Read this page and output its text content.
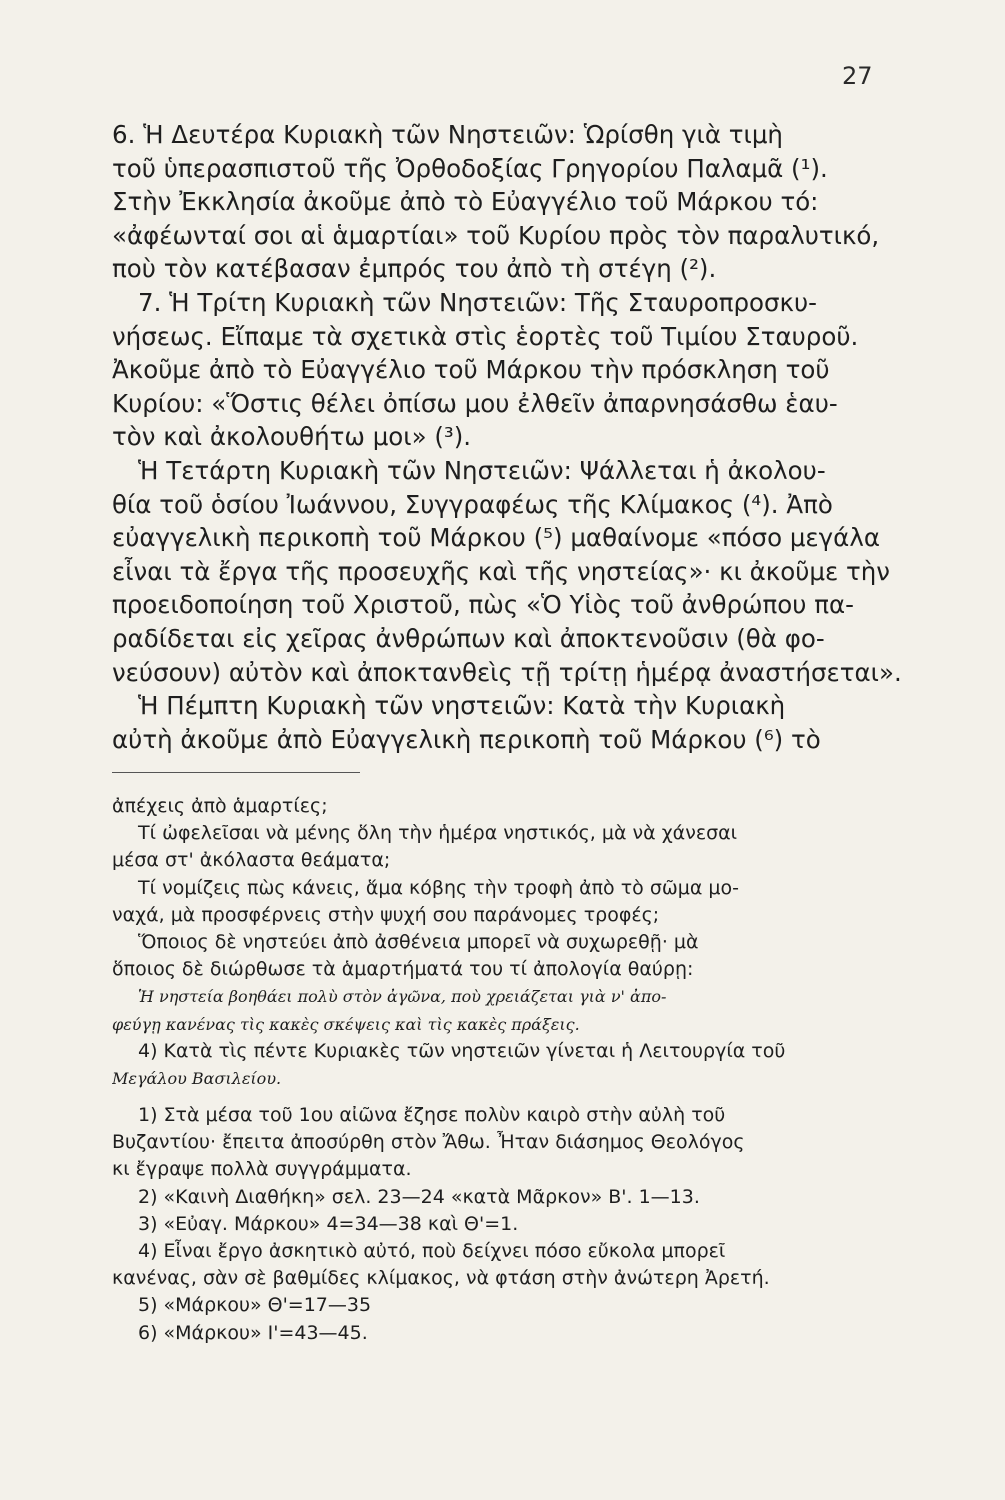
27
6. Ἡ Δευτέρα Κυριακὴ τῶν Νηστειῶν: Ὡρίσθη γιὰ τιμὴ
τοῦ ὑπερασπιστοῦ τῆς Ὀρθοδοξίας Γρηγορίου Παλαμᾶ (¹).
Στὴν Ἐκκλησία ἀκοῦμε ἀπὸ τὸ Εὐαγγέλιο τοῦ Μάρκου τό:
«ἀφέωνταί σοι αἱ ἁμαρτίαι» τοῦ Κυρίου πρὸς τὸν παραλυτικό,
ποὺ τὸν κατέβασαν ἐμπρός του ἀπὸ τὴ στέγη (²).
7. Ἡ Τρίτη Κυριακὴ τῶν Νηστειῶν: Τῆς Σταυροπροσκυ-
νήσεως. Εἴπαμε τὰ σχετικὰ στὶς ἑορτὲς τοῦ Τιμίου Σταυροῦ.
Ἀκοῦμε ἀπὸ τὸ Εὐαγγέλιο τοῦ Μάρκου τὴν πρόσκληση τοῦ
Κυρίου: «Ὅστις θέλει ὀπίσω μου ἐλθεῖν ἀπαρνησάσθω ἑαυ-
τὸν καὶ ἀκολουθήτω μοι» (³).
Ἡ Τετάρτη Κυριακὴ τῶν Νηστειῶν: Ψάλλεται ἡ ἀκολου-
θία τοῦ ὁσίου Ἰωάννου, Συγγραφέως τῆς Κλίμακος (⁴). Ἀπὸ
εὐαγγελικὴ περικοπὴ τοῦ Μάρκου (⁵) μαθαίνομε «πόσο μεγάλα
εἶναι τὰ ἔργα τῆς προσευχῆς καὶ τῆς νηστείας»· κι ἀκοῦμε τὴν
προειδοποίηση τοῦ Χριστοῦ, πὼς «Ὁ Υἱὸς τοῦ ἀνθρώπου πα-
ραδίδεται εἰς χεῖρας ἀνθρώπων καὶ ἀποκτενοῦσιν (θὰ φο-
νεύσουν) αὐτὸν καὶ ἀποκτανθεὶς τῇ τρίτῃ ἡμέρᾳ ἀναστήσεται».
Ἡ Πέμπτη Κυριακὴ τῶν νηστειῶν: Κατὰ τὴν Κυριακὴ
αὐτὴ ἀκοῦμε ἀπὸ Εὐαγγελικὴ περικοπὴ τοῦ Μάρκου (⁶) τὸ
ἀπέχεις ἀπὸ ἁμαρτίες;
Τί ὠφελεῖσαι νὰ μένης ὅλη τὴν ἡμέρα νηστικός, μὰ νὰ χάνεσαι
μέσα στ' ἀκόλαστα θεάματα;
Τί νομίζεις πὼς κάνεις, ἅμα κόβης τὴν τροφὴ ἀπὸ τὸ σῶμα μο-
ναχά, μὰ προσφέρνεις στὴν ψυχή σου παράνομες τροφές;
Ὅποιος δὲ νηστεύει ἀπὸ ἀσθένεια μπορεῖ νὰ συχωρεθῇ· μὰ
ὅποιος δὲ διώρθωσε τὰ ἁμαρτήματά του τί ἀπολογία θαύρῃ:
Ἡ νηστεία βοηθάει πολὺ στὸν ἀγῶνα, ποὺ χρειάζεται γιὰ ν' ἀπο-
φεύγῃ κανένας τὶς κακὲς σκέψεις καὶ τὶς κακὲς πράξεις.
4) Κατὰ τὶς πέντε Κυριακὲς τῶν νηστειῶν γίνεται ἡ Λειτουργία τοῦ
Μεγάλου Βασιλείου.
1) Στὰ μέσα τοῦ 1ου αἰῶνα ἔζησε πολὺν καιρὸ στὴν αὐλὴ τοῦ
Βυζαντίου· ἔπειτα ἀποσύρθη στὸν Ἄθω. Ἦταν διάσημος Θεολόγος
κι ἔγραψε πολλὰ συγγράμματα.
2) «Καινὴ Διαθήκη» σελ. 23—24 «κατὰ Μᾶρκον» Β'. 1—13.
3) «Εὐαγ. Μάρκου» 4=34—38 καὶ Θ'=1.
4) Εἶναι ἔργο ἀσκητικὸ αὐτό, ποὺ δείχνει πόσο εὔκολα μπορεῖ
κανένας, σὰν σὲ βαθμίδες κλίμακος, νὰ φτάση στὴν ἀνώτερη Ἀρετή.
5) «Μάρκου» Θ'=17—35
6) «Μάρκου» Ι'=43—45.
